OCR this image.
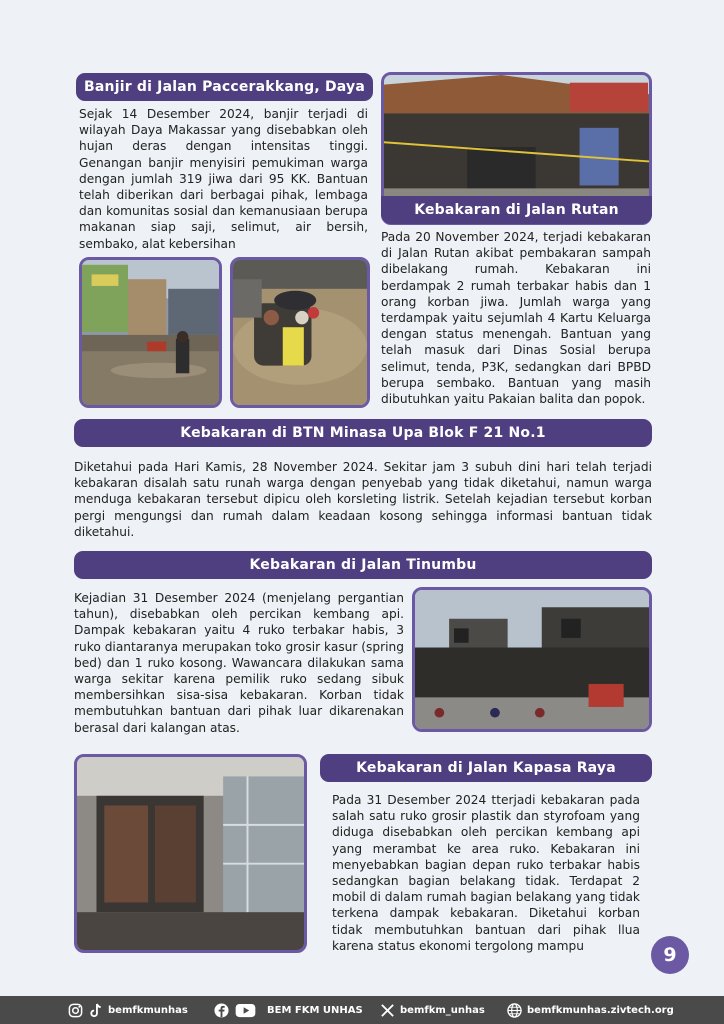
Banjir di Jalan Paccerakkang, Daya

Sejak 14 Desember 2024, banjir terjadi di wilayah Daya Makassar yang disebabkan oleh hujan deras dengan intensitas tinggi. Genangan banjir menyisiri pemukiman warga dengan jumlah 319 jiwa dari 95 KK. Bantuan telah diberikan dari berbagai pihak, lembaga dan komunitas sosial dan kemanusiaan berupa makanan siap saji, selimut, air bersih, sembako, alat kebersihan

Kebakaran di Jalan Rutan

Pada 20 November 2024, terjadi kebakaran di Jalan Rutan akibat pembakaran sampah dibelakang rumah. Kebakaran ini berdampak 2 rumah terbakar habis dan 1 orang korban jiwa. Jumlah warga yang terdampak yaitu sejumlah 4 Kartu Keluarga dengan status menengah. Bantuan yang telah masuk dari Dinas Sosial berupa selimut, tenda, P3K, sedangkan dari BPBD berupa sembako. Bantuan yang masih dibutuhkan yaitu Pakaian balita dan popok.

Kebakaran di BTN Minasa Upa Blok F 21 No.1

Diketahui pada Hari Kamis, 28 November 2024. Sekitar jam 3 subuh dini hari telah terjadi kebakaran disalah satu runah warga dengan penyebab yang tidak diketahui, namun warga menduga kebakaran tersebut dipicu oleh korsleting listrik. Setelah kejadian tersebut korban pergi mengungsi dan rumah dalam keadaan kosong sehingga informasi bantuan tidak diketahui.

Kebakaran di Jalan Tinumbu

Kejadian 31 Desember 2024 (menjelang pergantian tahun), disebabkan oleh percikan kembang api. Dampak kebakaran yaitu 4 ruko terbakar habis, 3 ruko diantaranya merupakan toko grosir kasur (spring bed) dan 1 ruko kosong. Wawancara dilakukan sama warga sekitar karena pemilik ruko sedang sibuk membersihkan sisa-sisa kebakaran. Korban tidak membutuhkan bantuan dari pihak luar dikarenakan berasal dari kalangan atas.

Kebakaran di Jalan Kapasa Raya

Pada 31 Desember 2024 tterjadi kebakaran pada salah satu ruko grosir plastik dan styrofoam yang diduga disebabkan oleh percikan kembang api yang merambat ke area ruko. Kebakaran ini menyebabkan bagian depan ruko terbakar habis sedangkan bagian belakang tidak. Terdapat 2 mobil di dalam rumah bagian belakang yang tidak terkena dampak kebakaran. Diketahui korban tidak membutuhkan bantuan dari pihak llua karena status ekonomi tergolong mampu	9
bemfkmunhas	BEM FKM UNHAS	bemfkm_unhas	bemfkmunhas.zivtech.org
